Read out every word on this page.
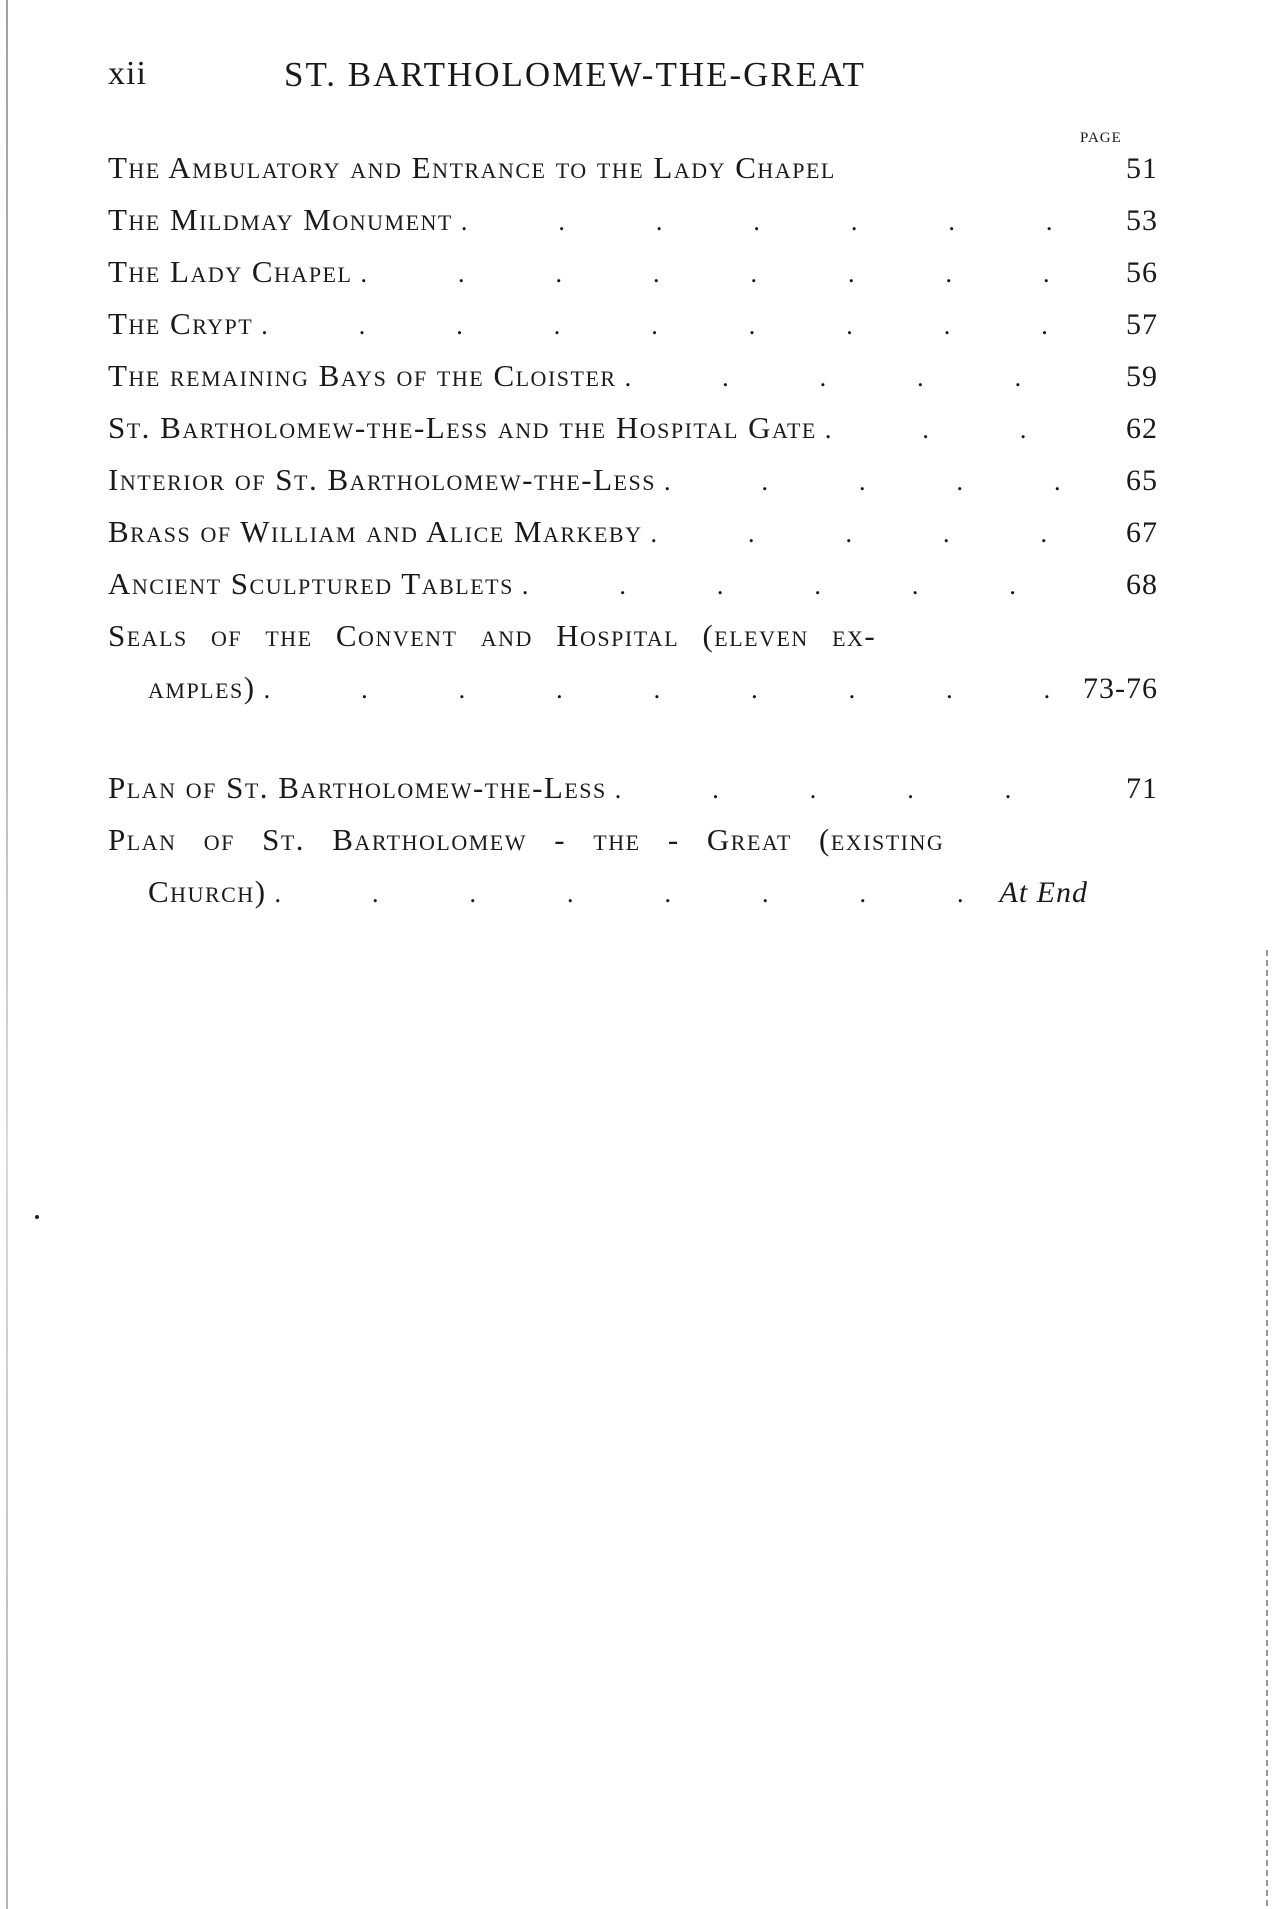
xii	ST. BARTHOLOMEW-THE-GREAT
PAGE
The Ambulatory and Entrance to the Lady Chapel	51
The Mildmay Monument .	53
The Lady Chapel .	56
The Crypt .	57
The remaining Bays of the Cloister .	59
St. Bartholomew-the-Less and the Hospital Gate .	62
Interior of St. Bartholomew-the-Less .	65
Brass of William and Alice Markeby .	67
Ancient Sculptured Tablets .	68
Seals of the Convent and Hospital (eleven ex-
amples) .	73-76
Plan of St. Bartholomew-the-Less .	71
Plan of St. Bartholomew - the - Great (existing
Church) .	At End
